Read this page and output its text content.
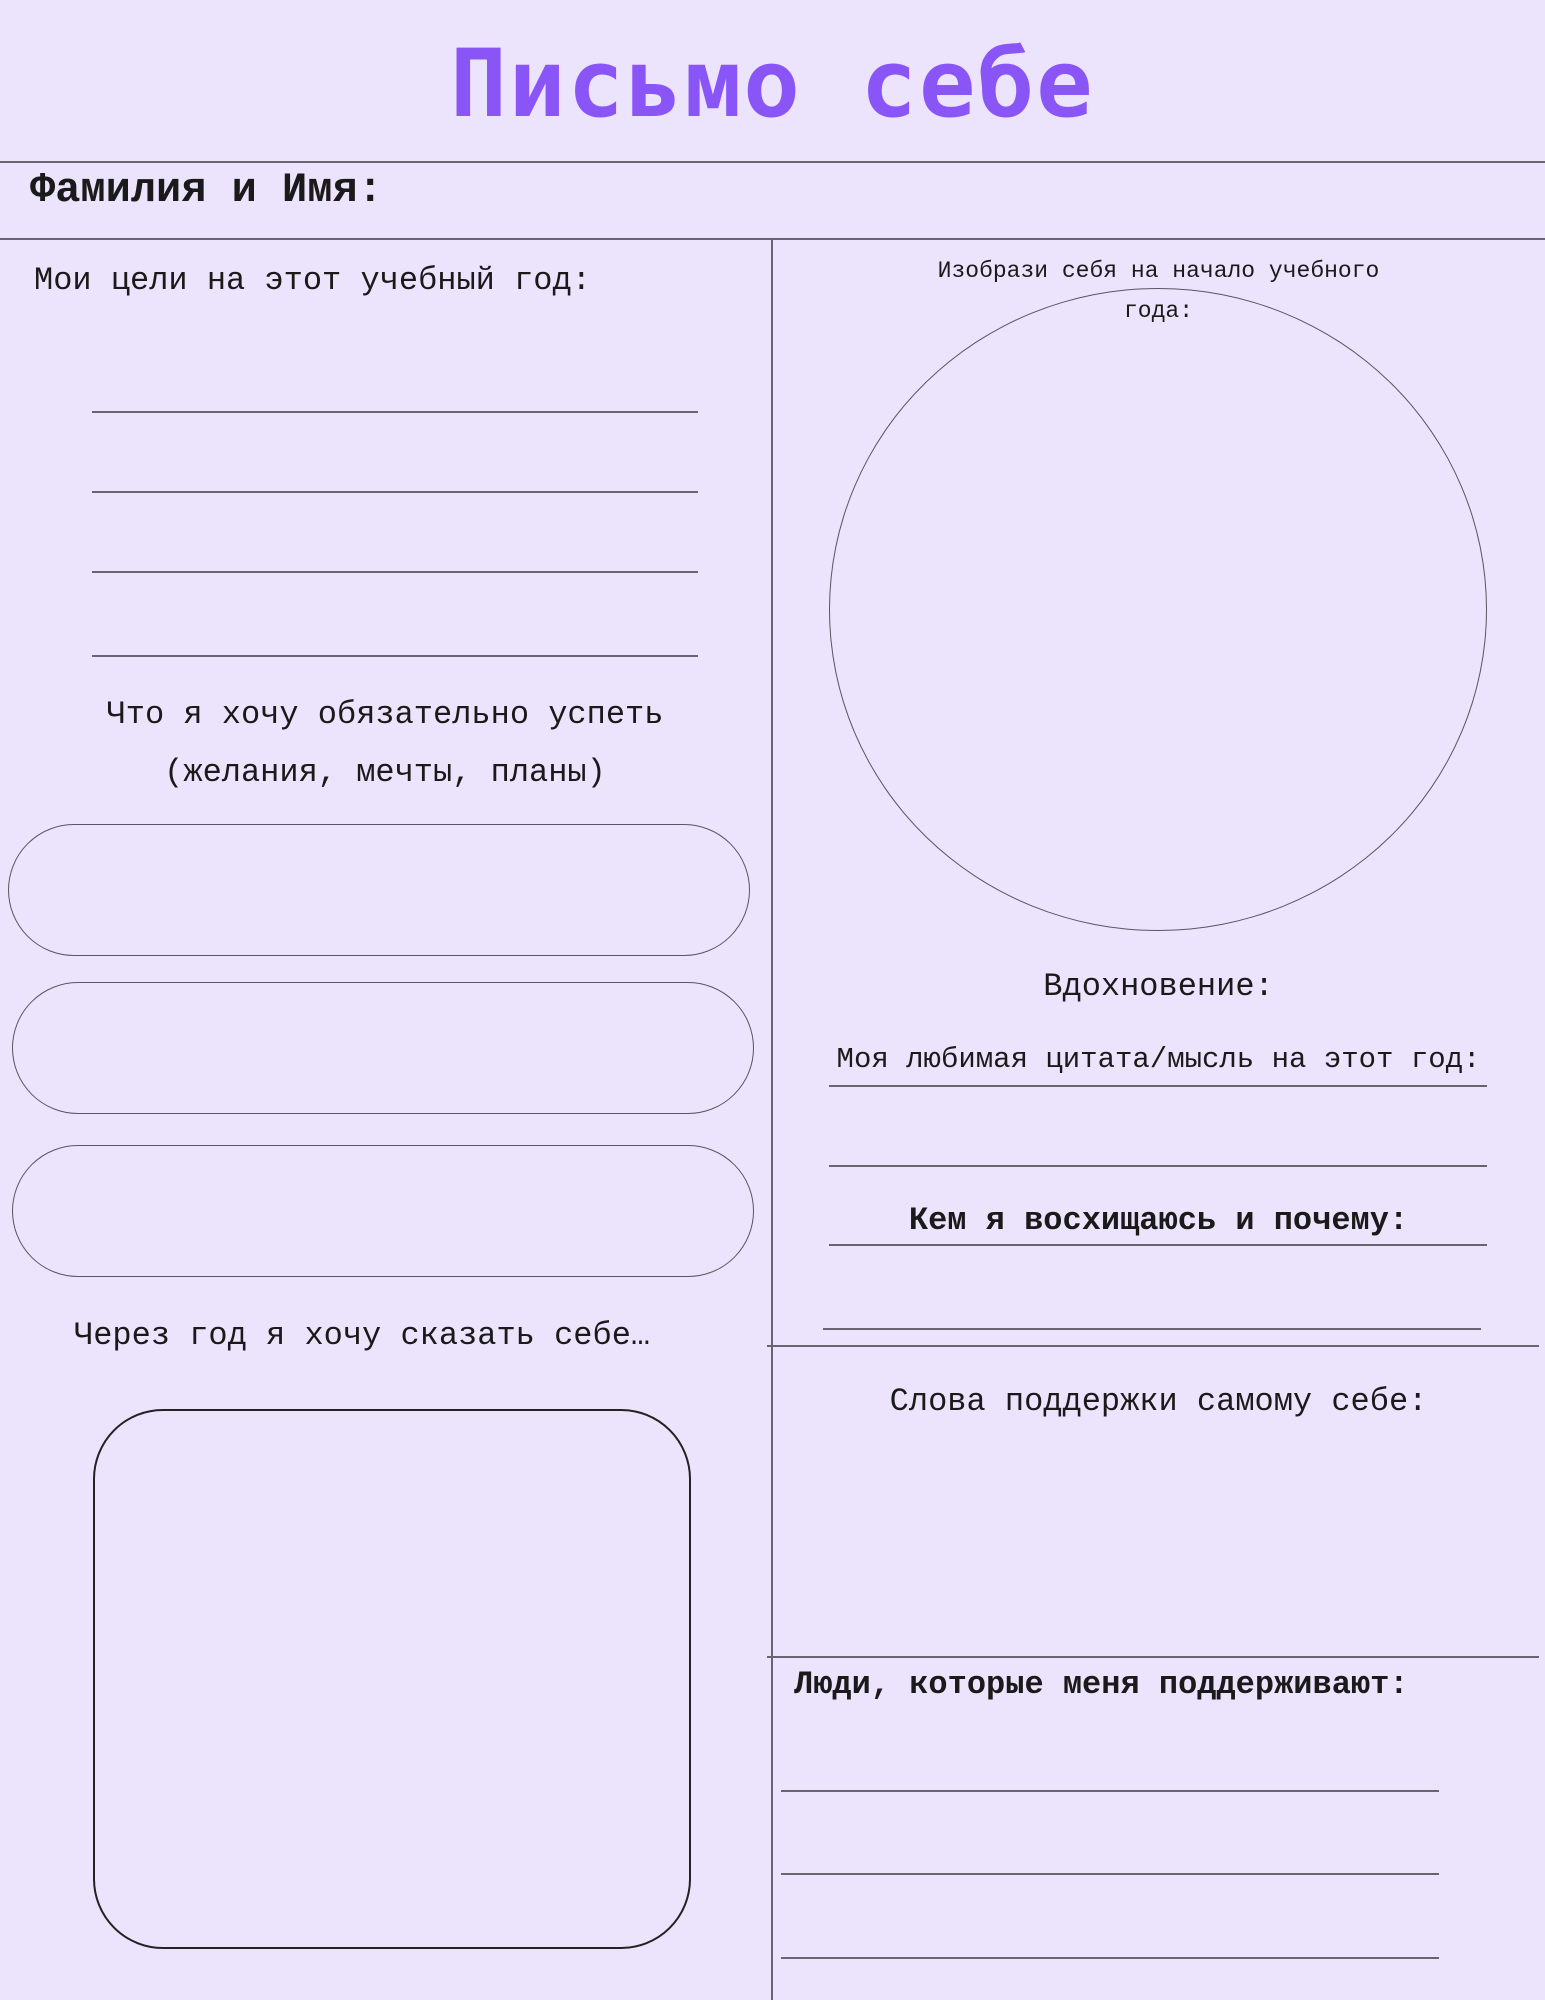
Письмо себе
Фамилия и Имя:
Мои цели на этот учебный год:
Что я хочу обязательно успеть
(желания, мечты, планы)
Через год я хочу сказать себе…
Изобрази себя на начало учебного
года:
Вдохновение:
Моя любимая цитата/мысль на этот год:
Кем я восхищаюсь и почему:
Слова поддержки самому себе:
Люди, которые меня поддерживают:
